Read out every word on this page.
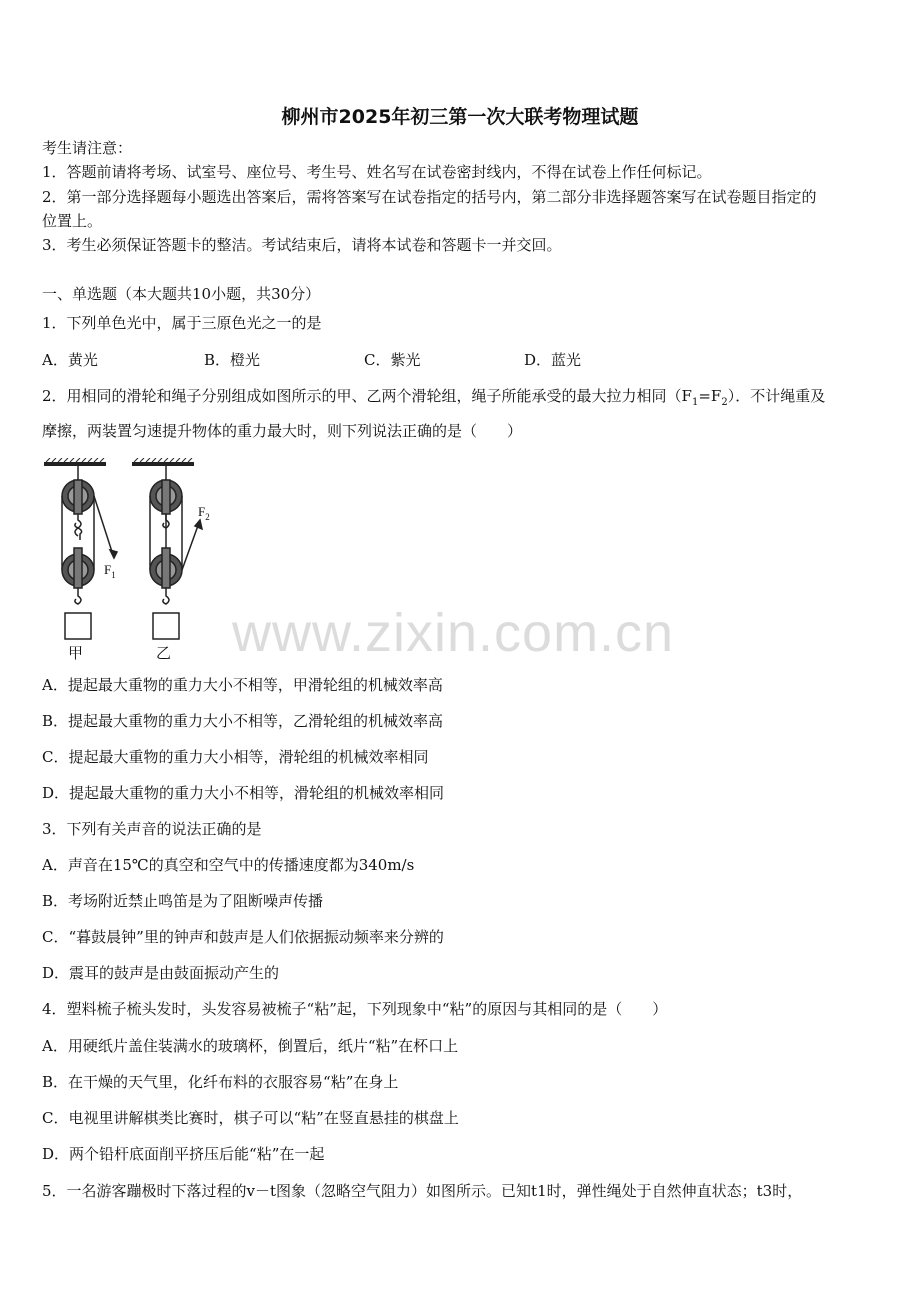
柳州市2025年初三第一次大联考物理试题
考生请注意：
1．答题前请将考场、试室号、座位号、考生号、姓名写在试卷密封线内，不得在试卷上作任何标记。
2．第一部分选择题每小题选出答案后，需将答案写在试卷指定的括号内，第二部分非选择题答案写在试卷题目指定的
位置上。
3．考生必须保证答题卡的整洁。考试结束后，请将本试卷和答题卡一并交回。
一、单选题（本大题共10小题，共30分）
1．下列单色光中，属于三原色光之一的是
A．黄光	B．橙光	C．紫光	D．蓝光
2．用相同的滑轮和绳子分别组成如图所示的甲、乙两个滑轮组，绳子所能承受的最大拉力相同$(F_1=F_2)$．不计绳重及
摩擦，两装置匀速提升物体的重力最大时，则下列说法正确的是（　　）
$F_1$
甲
$F_2$
乙 www.zixin.com.cn
A．提起最大重物的重力大小不相等，甲滑轮组的机械效率高
B．提起最大重物的重力大小不相等，乙滑轮组的机械效率高
C．提起最大重物的重力大小相等，滑轮组的机械效率相同
D．提起最大重物的重力大小不相等，滑轮组的机械效率相同
3．下列有关声音的说法正确的是
A．声音在15℃的真空和空气中的传播速度都为340m/s
B．考场附近禁止鸣笛是为了阻断噪声传播
C．“暮鼓晨钟”里的钟声和鼓声是人们依据振动频率来分辨的
D．震耳的鼓声是由鼓面振动产生的
4．塑料梳子梳头发时，头发容易被梳子“粘”起，下列现象中“粘”的原因与其相同的是（　　）
A．用硬纸片盖住装满水的玻璃杯，倒置后，纸片“粘”在杯口上
B．在干燥的天气里，化纤布料的衣服容易“粘”在身上
C．电视里讲解棋类比赛时，棋子可以“粘”在竖直悬挂的棋盘上
D．两个铅杆底面削平挤压后能“粘”在一起
5．一名游客蹦极时下落过程的v－t图象（忽略空气阻力）如图所示。已知t1时，弹性绳处于自然伸直状态；t3时，
